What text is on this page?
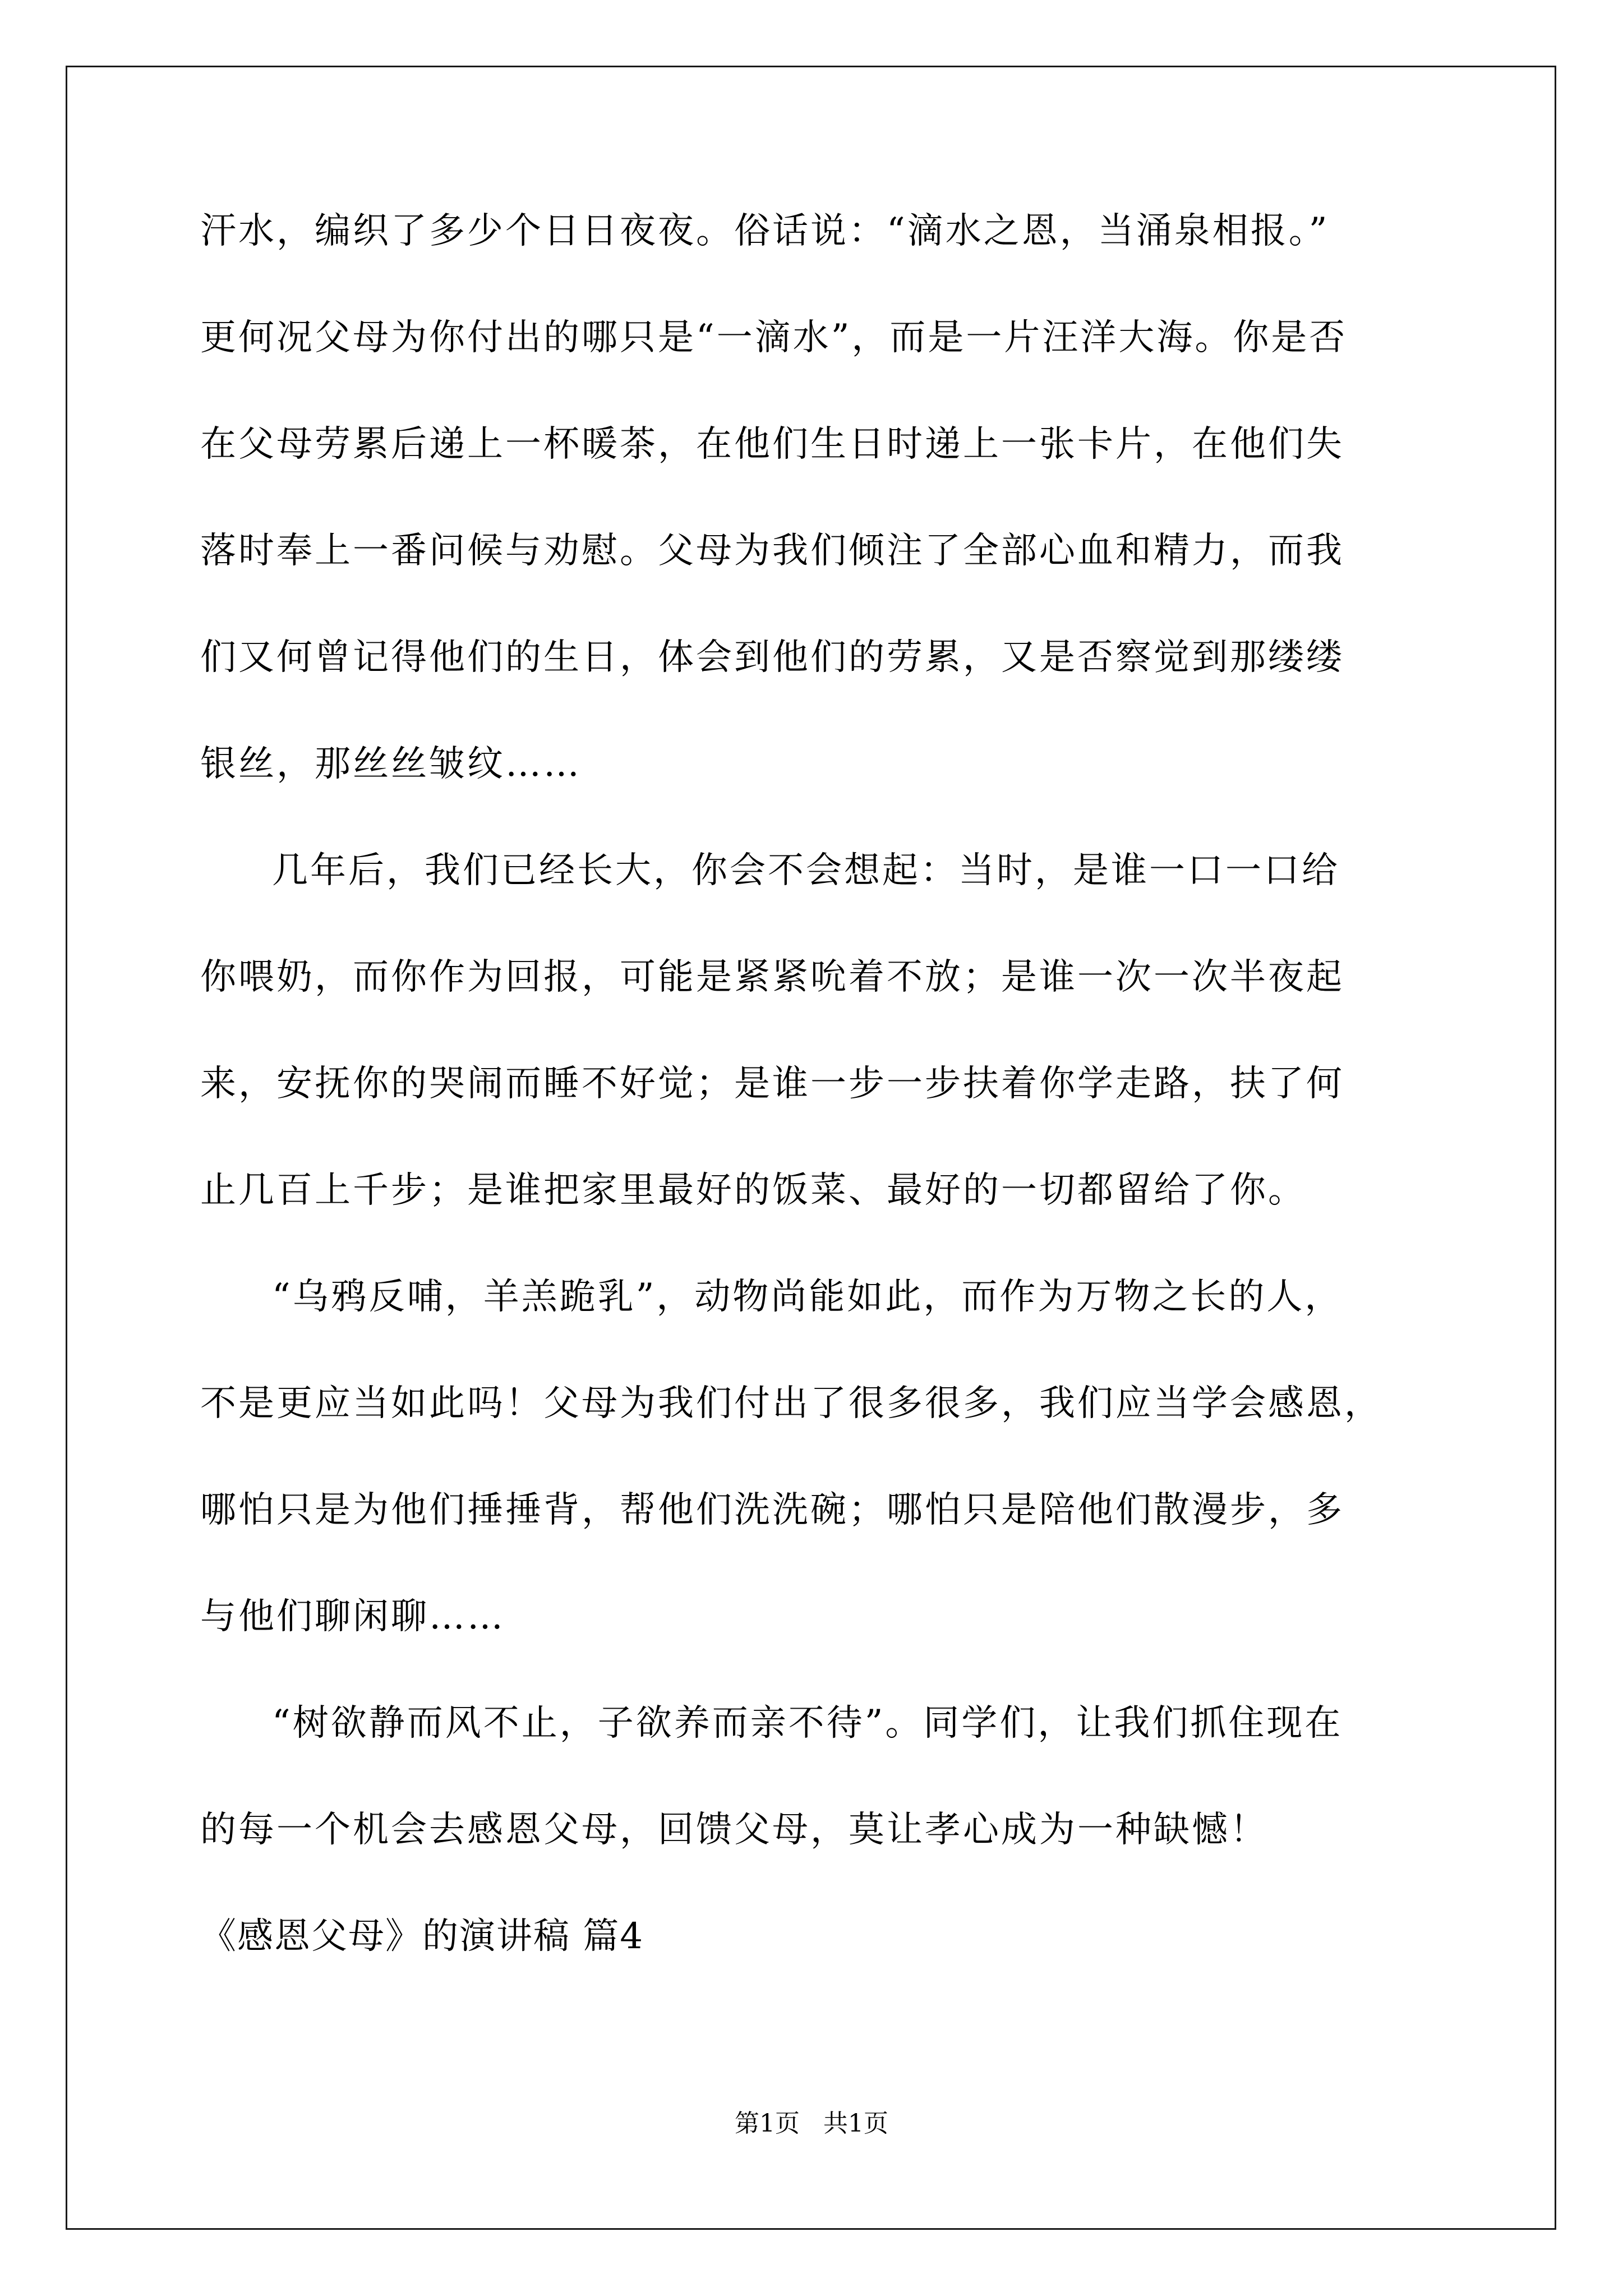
汗水，编织了多少个日日夜夜。俗话说：“滴水之恩，当涌泉相报。”
更何况父母为你付出的哪只是“一滴水”，而是一片汪洋大海。你是否
在父母劳累后递上一杯暖茶，在他们生日时递上一张卡片，在他们失
落时奉上一番问候与劝慰。父母为我们倾注了全部心血和精力，而我
们又何曾记得他们的生日，体会到他们的劳累，又是否察觉到那缕缕
银丝，那丝丝皱纹……
几年后，我们已经长大，你会不会想起：当时，是谁一口一口给
你喂奶，而你作为回报，可能是紧紧吮着不放；是谁一次一次半夜起
来，安抚你的哭闹而睡不好觉；是谁一步一步扶着你学走路，扶了何
止几百上千步；是谁把家里最好的饭菜、最好的一切都留给了你。
“乌鸦反哺，羊羔跪乳”，动物尚能如此，而作为万物之长的人，
不是更应当如此吗！父母为我们付出了很多很多，我们应当学会感恩，
哪怕只是为他们捶捶背，帮他们洗洗碗；哪怕只是陪他们散漫步，多
与他们聊闲聊……
“树欲静而风不止，子欲养而亲不待”。同学们，让我们抓住现在
的每一个机会去感恩父母，回馈父母，莫让孝心成为一种缺憾！
《感恩父母》的演讲稿 篇4
第1页   共1页
